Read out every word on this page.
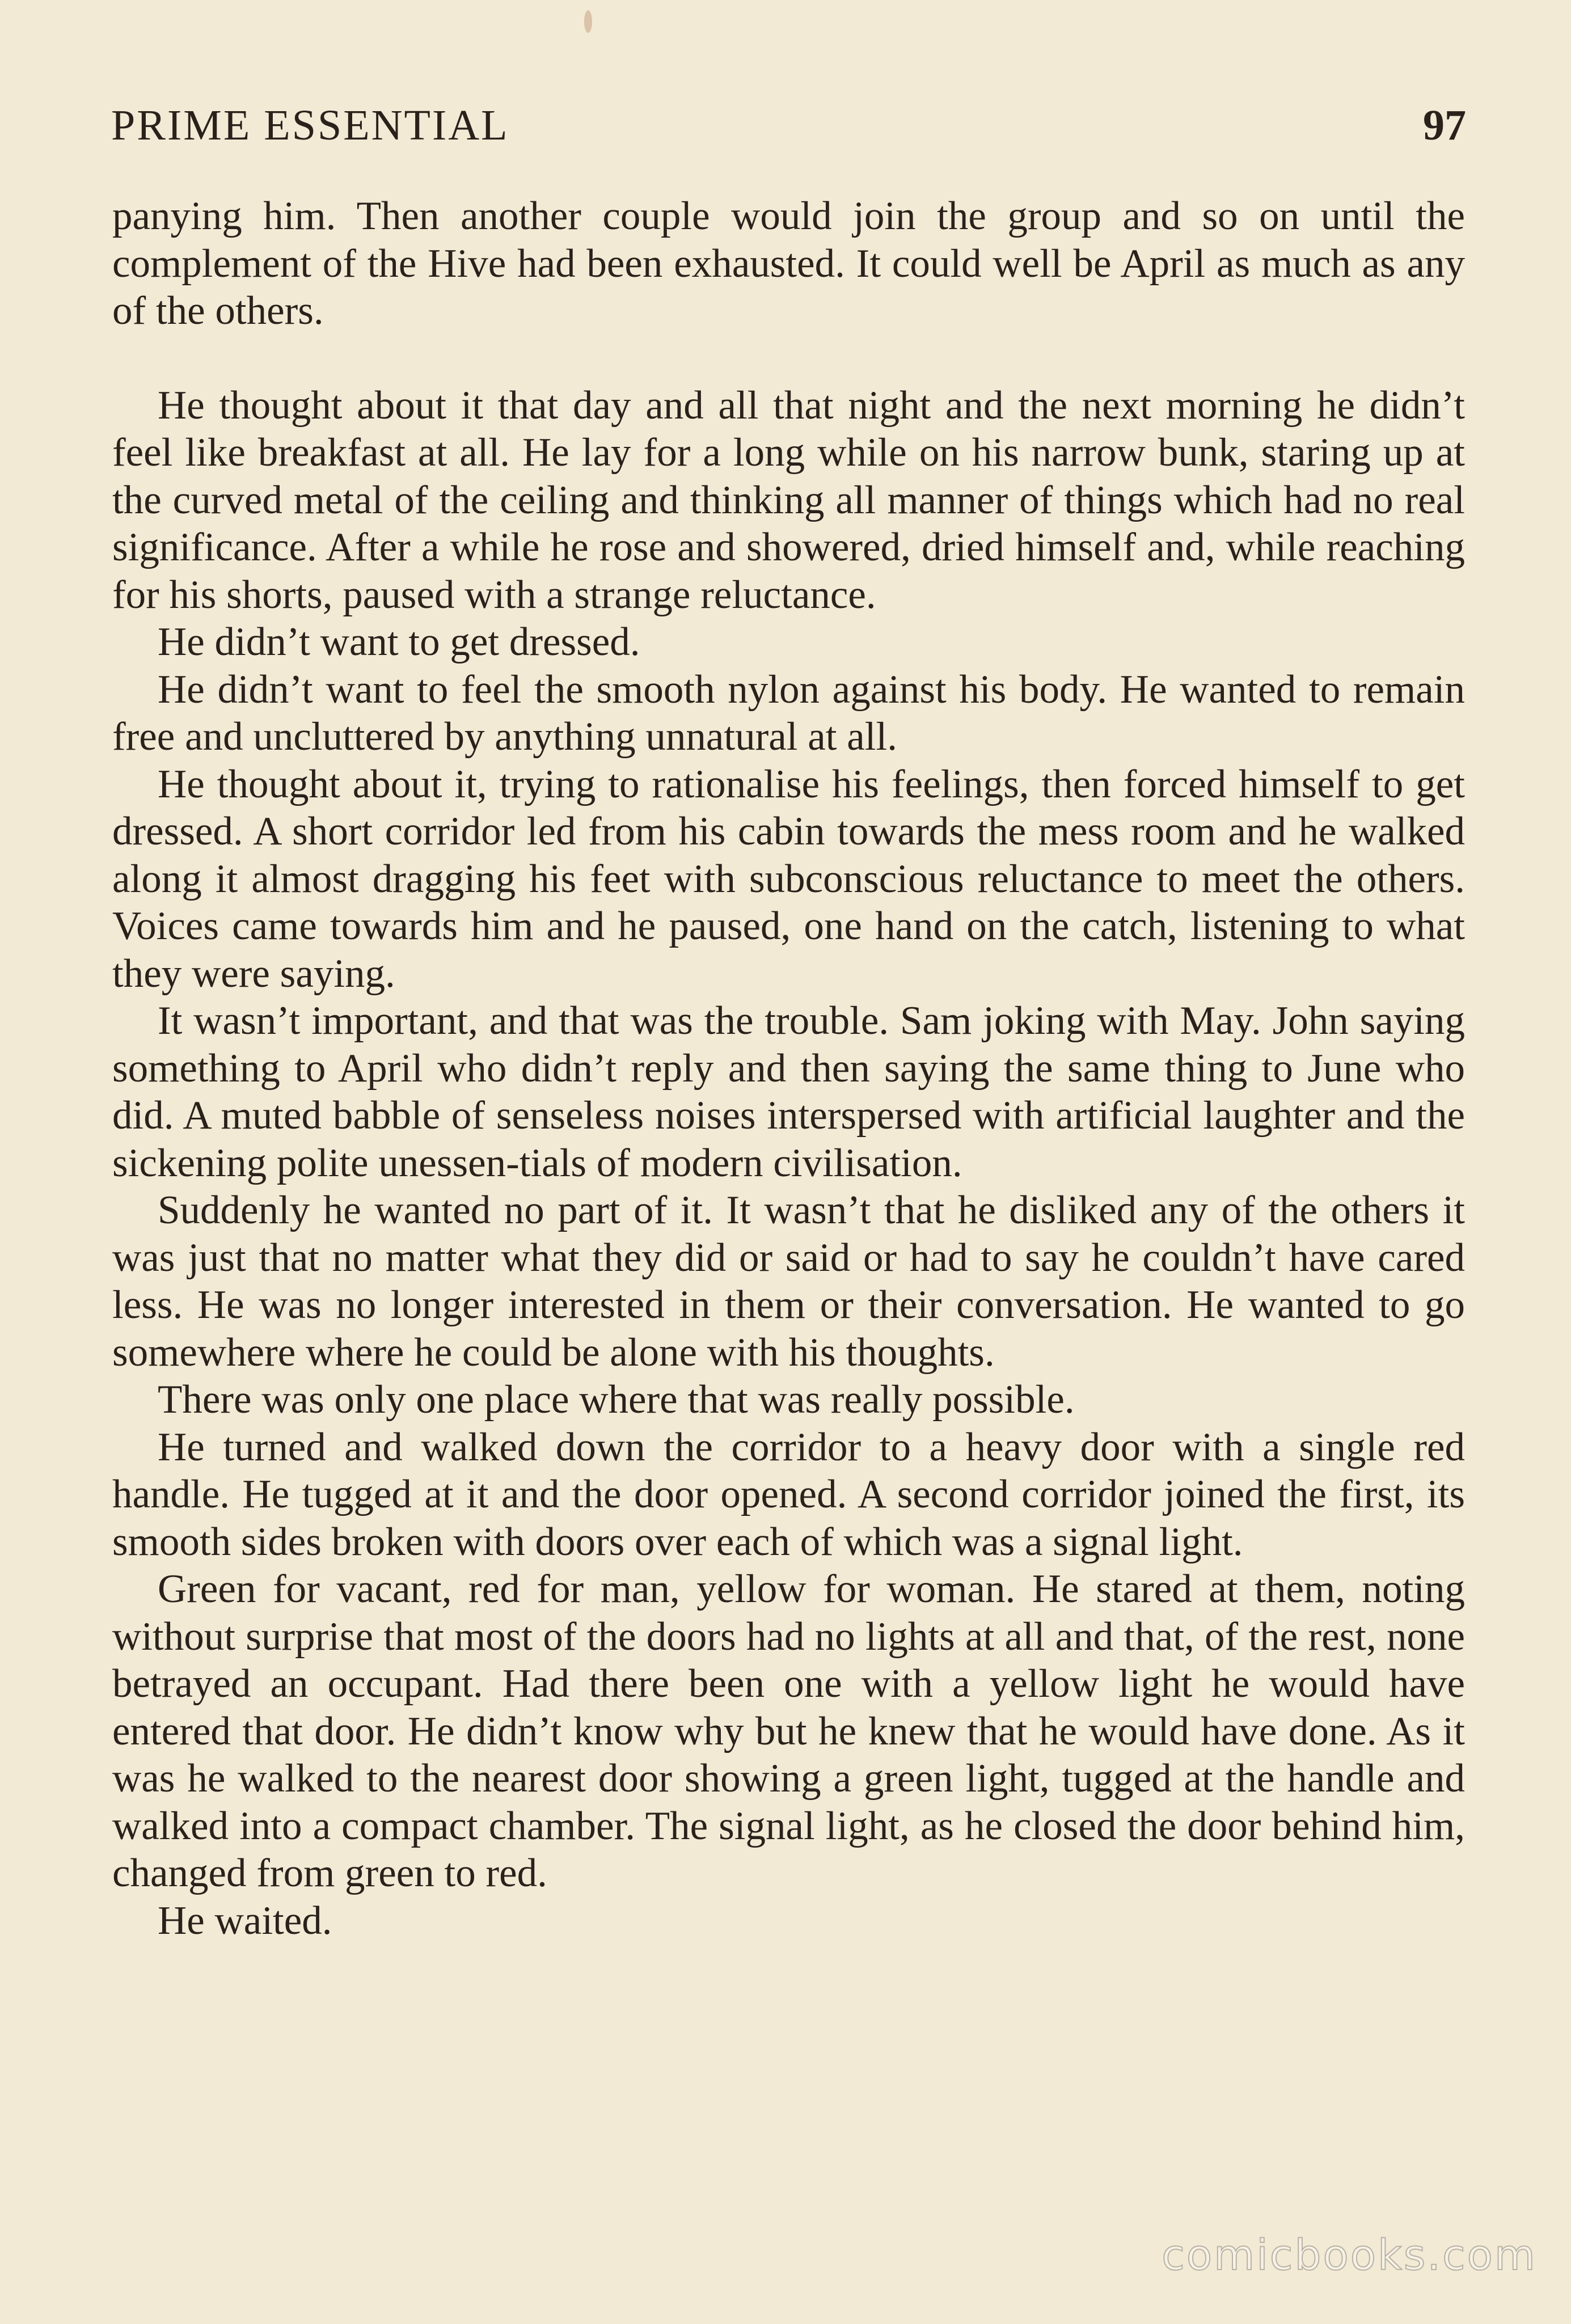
PRIME ESSENTIAL	97

panying him. Then another couple would join the group and so on until the complement of the Hive had been exhausted. It could well be April as much as any of the others.

He thought about it that day and all that night and the next morning he didn’t feel like breakfast at all. He lay for a long while on his narrow bunk, staring up at the curved metal of the ceiling and thinking all manner of things which had no real significance. After a while he rose and showered, dried himself and, while reaching for his shorts, paused with a strange reluctance.

He didn’t want to get dressed.

He didn’t want to feel the smooth nylon against his body. He wanted to remain free and uncluttered by anything unnatural at all.

He thought about it, trying to rationalise his feelings, then forced himself to get dressed. A short corridor led from his cabin towards the mess room and he walked along it almost dragging his feet with subconscious reluctance to meet the others. Voices came towards him and he paused, one hand on the catch, listening to what they were saying.

It wasn’t important, and that was the trouble. Sam joking with May. John saying something to April who didn’t reply and then saying the same thing to June who did. A muted babble of senseless noises interspersed with artificial laughter and the sickening polite unessen-tials of modern civilisation.

Suddenly he wanted no part of it. It wasn’t that he disliked any of the others it was just that no matter what they did or said or had to say he couldn’t have cared less. He was no longer interested in them or their conversation. He wanted to go somewhere where he could be alone with his thoughts.

There was only one place where that was really possible.

He turned and walked down the corridor to a heavy door with a single red handle. He tugged at it and the door opened. A second corridor joined the first, its smooth sides broken with doors over each of which was a signal light.

Green for vacant, red for man, yellow for woman. He stared at them, noting without surprise that most of the doors had no lights at all and that, of the rest, none betrayed an occupant. Had there been one with a yellow light he would have entered that door. He didn’t know why but he knew that he would have done. As it was he walked to the nearest door showing a green light, tugged at the handle and walked into a compact chamber. The signal light, as he closed the door behind him, changed from green to red.

He waited.

comicbooks.com
